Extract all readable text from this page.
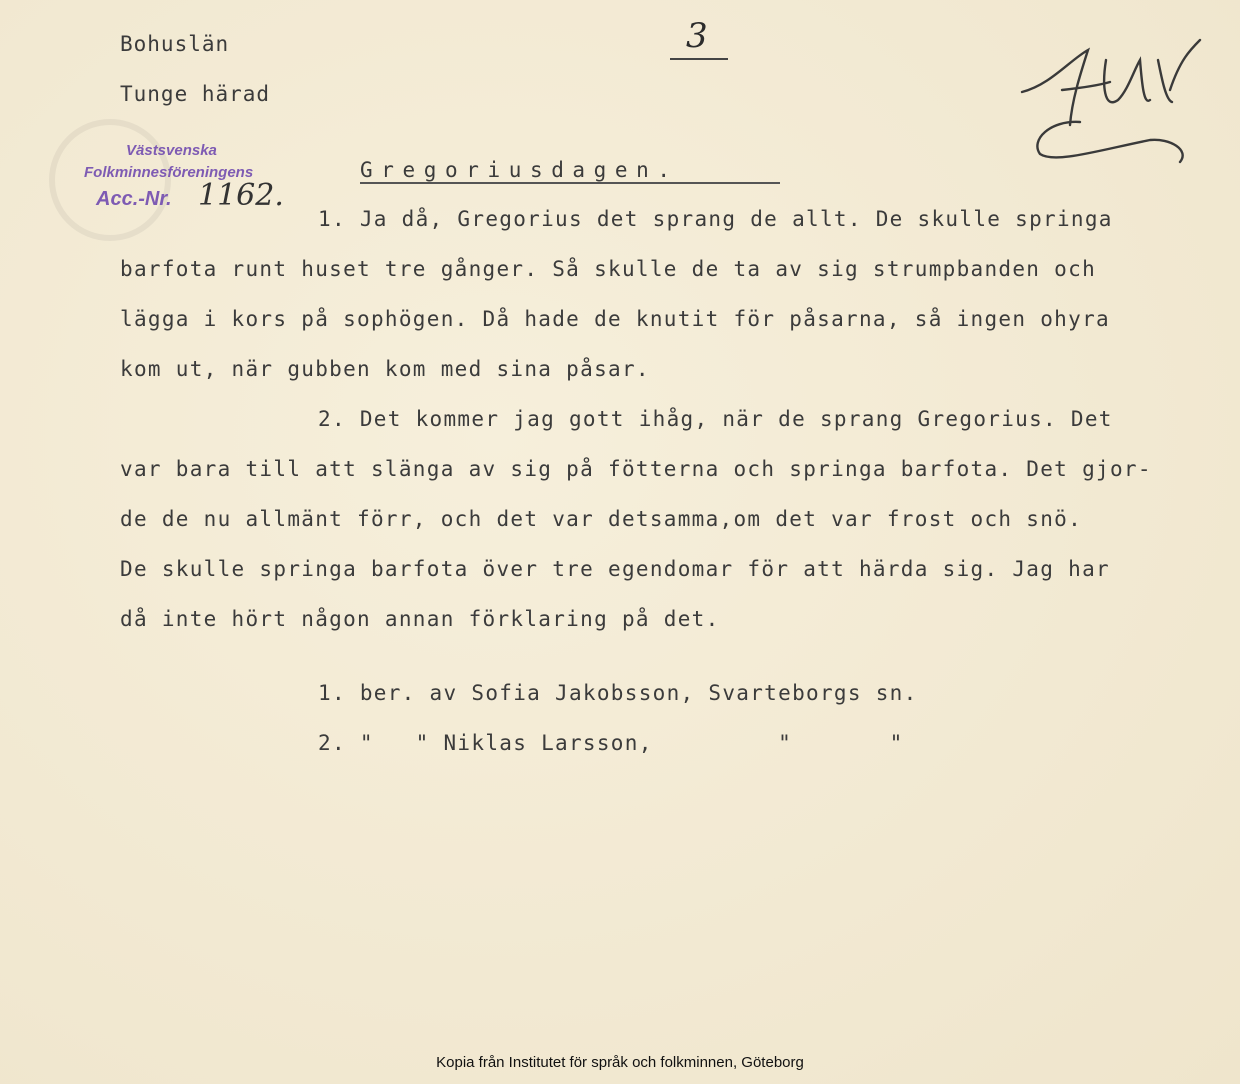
Bohuslän
Tunge härad
3
Västsvenska
Folkminnesföreningens
Acc.-Nr. 1162.
Gregoriusdagen.
1. Ja då, Gregorius det sprang de allt. De skulle springa
barfota runt huset tre gånger. Så skulle de ta av sig strumpbanden och
lägga i kors på sophögen. Då hade de knutit för påsarna, så ingen ohyra
kom ut, när gubben kom med sina påsar.
2. Det kommer jag gott ihåg, när de sprang Gregorius. Det
var bara till att slänga av sig på fötterna och springa barfota. Det gjor-
de de nu allmänt förr, och det var detsamma,om det var frost och snö.
De skulle springa barfota över tre egendomar för att härda sig. Jag har
då inte hört någon annan förklaring på det.
1. ber. av Sofia Jakobsson, Svarteborgs sn.
2. "   " Niklas Larsson,         "       "
Kopia från Institutet för språk och folkminnen, Göteborg
